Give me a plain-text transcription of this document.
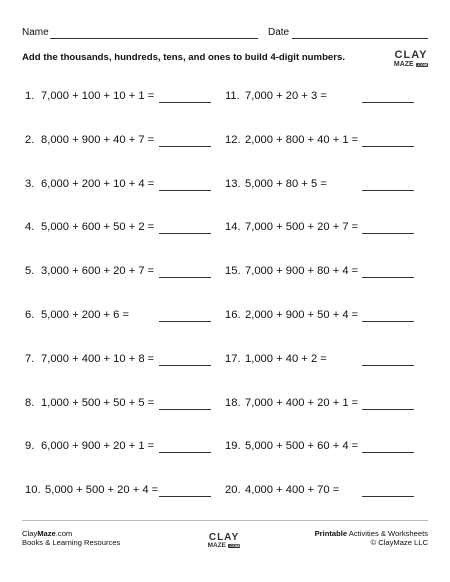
Name	Date
Add the thousands, hundreds, tens, and ones to build 4-digit numbers.	CLAY
MAZE .COM
1. 7,000 + 100 + 10 + 1 =
2. 8,000 + 900 + 40 + 7 =
3. 6,000 + 200 + 10 + 4 =
4. 5,000 + 600 + 50 + 2 =
5. 3,000 + 600 + 20 + 7 =
6. 5,000 + 200 + 6 =
7. 7,000 + 400 + 10 + 8 =
8. 1,000 + 500 + 50 + 5 =
9. 6,000 + 900 + 20 + 1 =
10. 5,000 + 500 + 20 + 4 =
11. 7,000 + 20 + 3 =
12. 2,000 + 800 + 40 + 1 =
13. 5,000 + 80 + 5 =
14. 7,000 + 500 + 20 + 7 =
15. 7,000 + 900 + 80 + 4 =
16. 2,000 + 900 + 50 + 4 =
17. 1,000 + 40 + 2 =
18. 7,000 + 400 + 20 + 1 =
19. 5,000 + 500 + 60 + 4 =
20. 4,000 + 400 + 70 =
ClayMaze.com
Books & Learning Resources	CLAY
MAZE .COM
Printable Activities & Worksheets
© ClayMaze LLC
